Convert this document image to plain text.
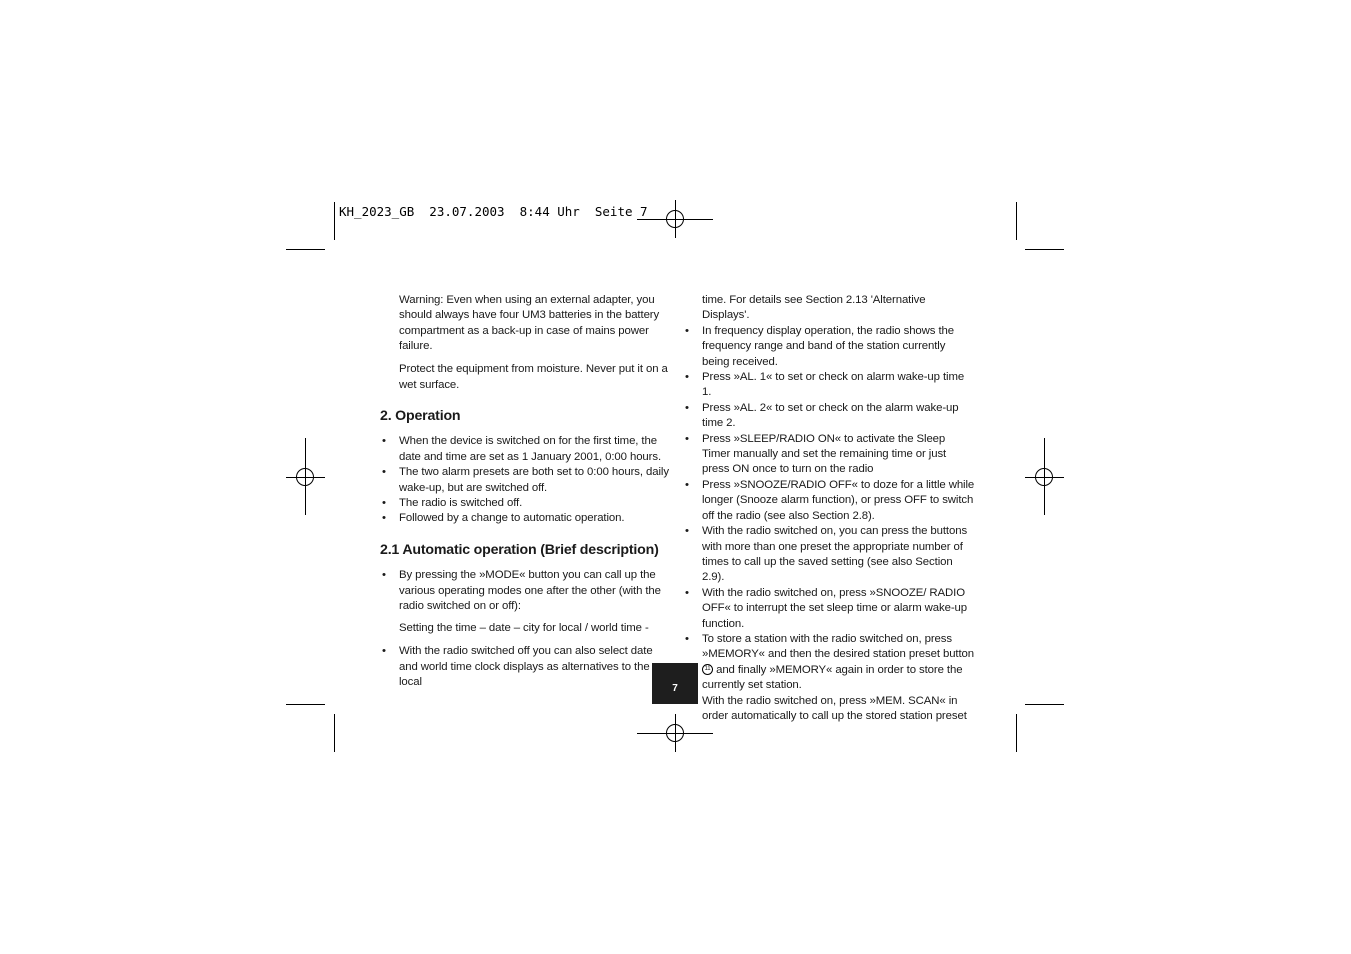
KH_2023_GB  23.07.2003  8:44 Uhr  Seite 7

Warning: Even when using an external adapter, you should always have four UM3 batteries in the battery compartment as a back-up in case of mains power failure.

Protect the equipment from moisture. Never put it on a wet surface.

2. Operation
• When the device is switched on for the first time, the date and time are set as 1 January 2001, 0:00 hours.
• The two alarm presets are both set to 0:00 hours, daily wake-up, but are switched off.
• The radio is switched off.
• Followed by a change to automatic operation.
2.1 Automatic operation (Brief description)
• By pressing the »MODE« button you can call up the various operating modes one after the other (with the radio switched on or off):

Setting the time – date – city for local / world time -

• With the radio switched off you can also select date and world time clock displays as alternatives to the local

time. For details see Section 2.13 'Alternative Displays'.

• In frequency display operation, the radio shows the frequency range and band of the station currently being received.
• Press »AL. 1« to set or check on alarm wake-up time 1.
• Press »AL. 2« to set or check on the alarm wake-up time 2.
• Press »SLEEP/RADIO ON« to activate the Sleep Timer manually and set the remaining time or just press ON once to turn on the radio
• Press »SNOOZE/RADIO OFF« to doze for a little while longer (Snooze alarm function), or press OFF to switch off the radio (see also Section 2.8).
• With the radio switched on, you can press the buttons with more than one preset the appropriate number of times to call up the saved setting (see also Section 2.9).
• With the radio switched on, press »SNOOZE/ RADIO OFF« to interrupt the set sleep time or alarm wake-up function.
• To store a station with the radio switched on, press »MEMORY« and then the desired station preset button 11 and finally »MEMORY« again in order to store the currently set station.
• With the radio switched on, press »MEM. SCAN« in order automatically to call up the stored station preset
7
